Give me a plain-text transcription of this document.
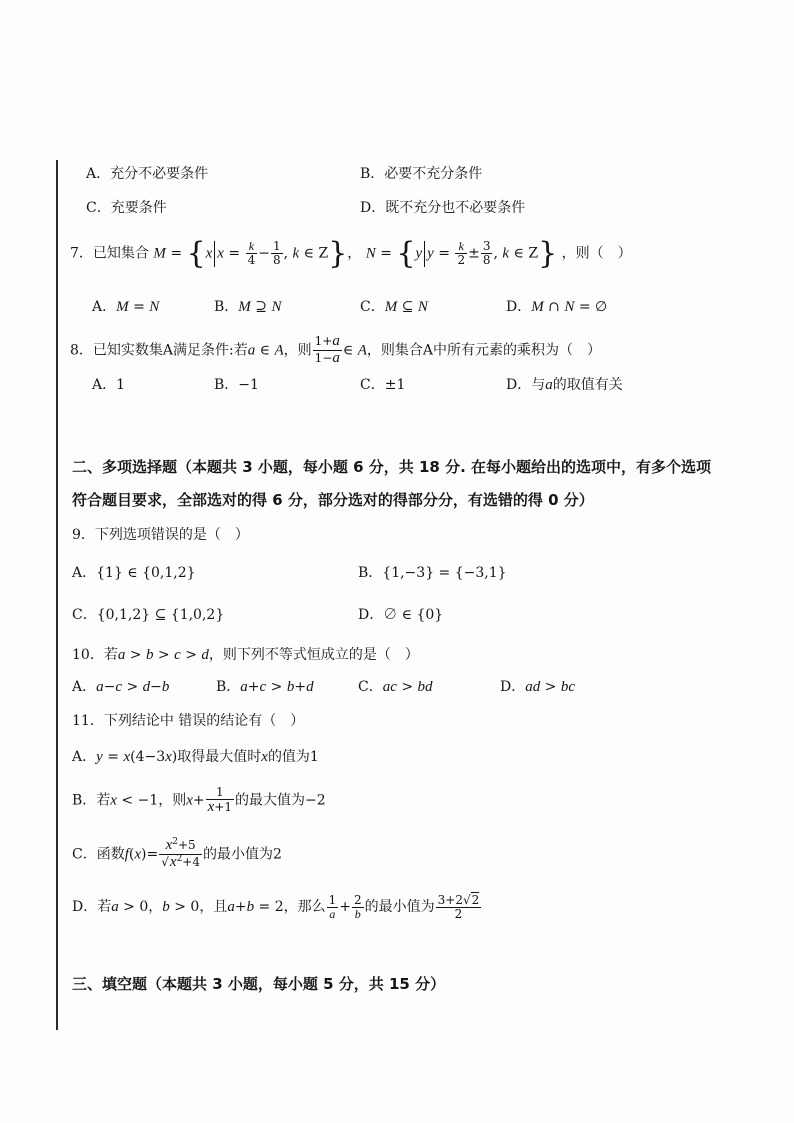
A．充分不必要条件	B．必要不充分条件
C．充要条件	D．既不充分也不必要条件
7．已知集合 M = {x $x = \frac{k}{4} - \frac{1}{8}$ , k ∈ Z}， N = {y $y = \frac{k}{2} \pm \frac{3}{8}$ , k ∈ Z} ，则（　）
A．M = N	B．M ⊇ N	C．M ⊆ N	D．M ∩ N = ∅
8．已知实数集A满足条件:若a ∈ A，则 $\frac{1+a}{1-a}$ ∈ A，则集合A中所有元素的乘积为（　）
A．1	B．−1	C．±1	D．与a的取值有关
二、多项选择题（本题共 3 小题，每小题 6 分，共 18 分. 在每小题给出的选项中，有多个选项
符合题目要求，全部选对的得 6 分，部分选对的得部分分，有选错的得 0 分）
9．下列选项错误的是（　）
A．{1} ∈ {0,1,2}	B．{1,−3} = {−3,1}
C．{0,1,2} ⊆ {1,0,2}	D．∅ ∈ {0}
10．若a > b > c > d，则下列不等式恒成立的是（　）
A．a−c > d−b	B．a+c > b+d	C．ac > bd	D．ad > bc
11．下列结论中 错误的结论有（　）
A．y = x(4−3x)取得最大值时x的值为1
B．若x < −1，则$x+ \frac{1}{x+1}$ 的最大值为−2
C．函数$f(x)= \frac{x^2+5}{√x^2+4}$ 的最小值为2
D．若a > 0，b > 0，且a+b = 2，那么 $\frac{1}{a} + \frac{2}{b}$ 的最小值为 $\frac{3+2√2}{2}$
三、填空题（本题共 3 小题，每小题 5 分，共 15 分）
